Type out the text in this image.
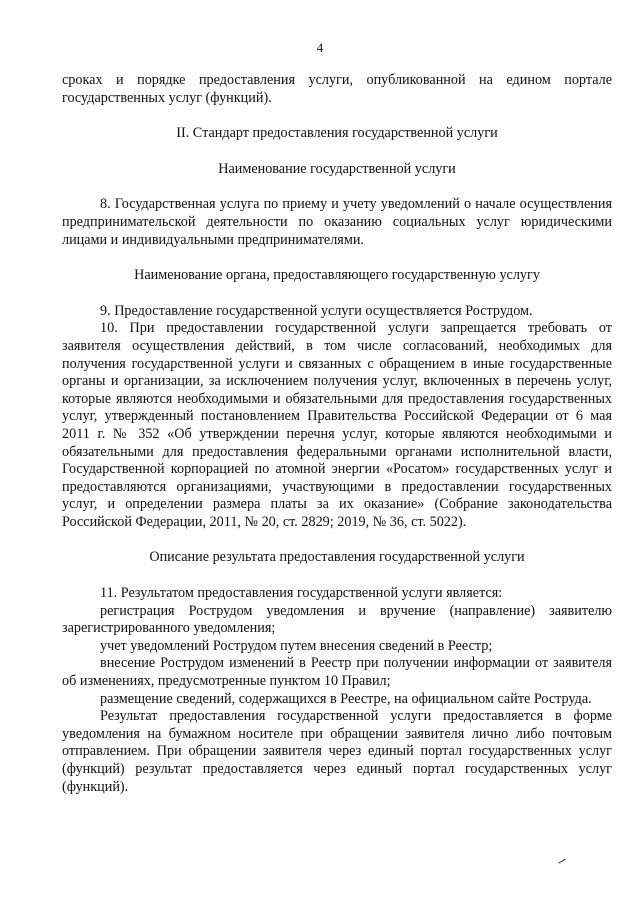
4

сроках и порядке предоставления услуги, опубликованной на едином портале государственных услуг (функций).

II. Стандарт предоставления государственной услуги

Наименование государственной услуги

8. Государственная услуга по приему и учету уведомлений о начале осуществления предпринимательской деятельности по оказанию социальных услуг юридическими лицами и индивидуальными предпринимателями.

Наименование органа, предоставляющего государственную услугу

9. Предоставление государственной услуги осуществляется Рострудом.

10. При предоставлении государственной услуги запрещается требовать от заявителя осуществления действий, в том числе согласований, необходимых для получения государственной услуги и связанных с обращением в иные государственные органы и организации, за исключением получения услуг, включенных в перечень услуг, которые являются необходимыми и обязательными для предоставления государственных услуг, утвержденный постановлением Правительства Российской Федерации от 6 мая 2011 г. № 352 «Об утверждении перечня услуг, которые являются необходимыми и обязательными для предоставления федеральными органами исполнительной власти, Государственной корпорацией по атомной энергии «Росатом» государственных услуг и предоставляются организациями, участвующими в предоставлении государственных услуг, и определении размера платы за их оказание» (Собрание законодательства Российской Федерации, 2011, № 20, ст. 2829; 2019, № 36, ст. 5022).

Описание результата предоставления государственной услуги

11. Результатом предоставления государственной услуги является:

регистрация Рострудом уведомления и вручение (направление) заявителю зарегистрированного уведомления;

учет уведомлений Рострудом путем внесения сведений в Реестр;

внесение Рострудом изменений в Реестр при получении информации от заявителя об изменениях, предусмотренные пунктом 10 Правил;

размещение сведений, содержащихся в Реестре, на официальном сайте Роструда.

Результат предоставления государственной услуги предоставляется в форме уведомления на бумажном носителе при обращении заявителя лично либо почтовым отправлением. При обращении заявителя через единый портал государственных услуг (функций) результат предоставляется через единый портал государственных услуг (функций).
